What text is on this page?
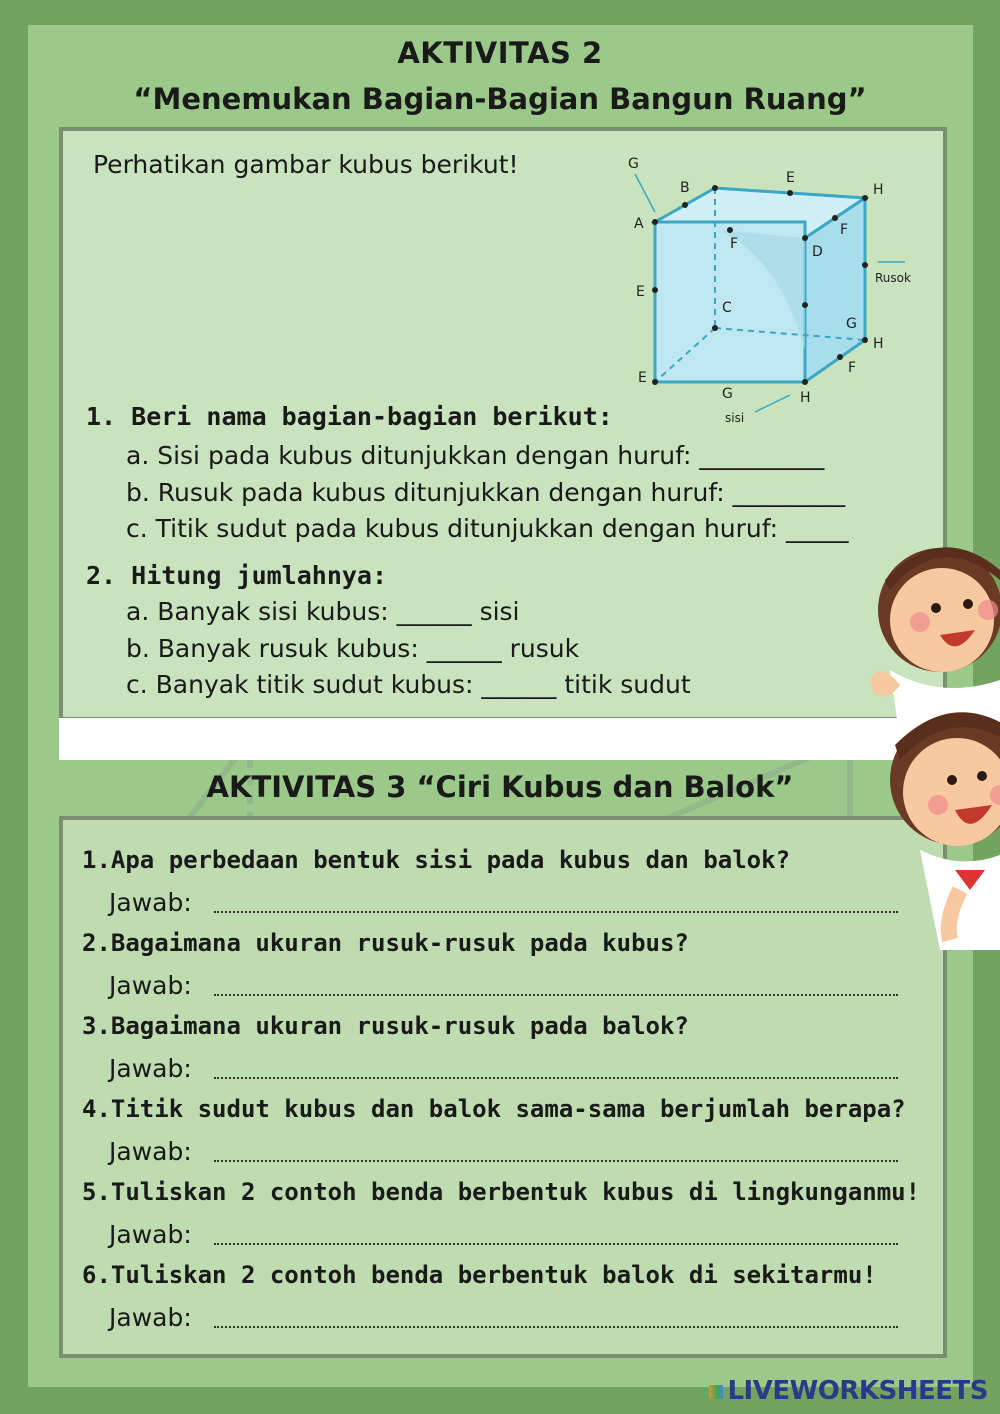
AKTIVITAS 2
“Menemukan Bagian-Bagian Bangun Ruang”
Perhatikan gambar kubus berikut!	G
B
E
H
A	F
F	D
Rusok
E
C
G
H
E
F
G	H
sisi
1. Beri nama bagian-bagian berikut:
a. Sisi pada kubus ditunjukkan dengan huruf: __________
b. Rusuk pada kubus ditunjukkan dengan huruf: _________
c. Titik sudut pada kubus ditunjukkan dengan huruf: _____
2. Hitung jumlahnya:
a. Banyak sisi kubus: ______ sisi
b. Banyak rusuk kubus: ______ rusuk
c. Banyak titik sudut kubus: ______ titik sudut
AKTIVITAS 3 “Ciri Kubus dan Balok”
1.Apa perbedaan bentuk sisi pada kubus dan balok?
Jawab:
2.Bagaimana ukuran rusuk-rusuk pada kubus?
Jawab:
3.Bagaimana ukuran rusuk-rusuk pada balok?
Jawab:
4.Titik sudut kubus dan balok sama-sama berjumlah berapa?
Jawab:
5.Tuliskan 2 contoh benda berbentuk kubus di lingkunganmu!
Jawab:
6.Tuliskan 2 contoh benda berbentuk balok di sekitarmu!
Jawab:
LIVEWORKSHEETS
